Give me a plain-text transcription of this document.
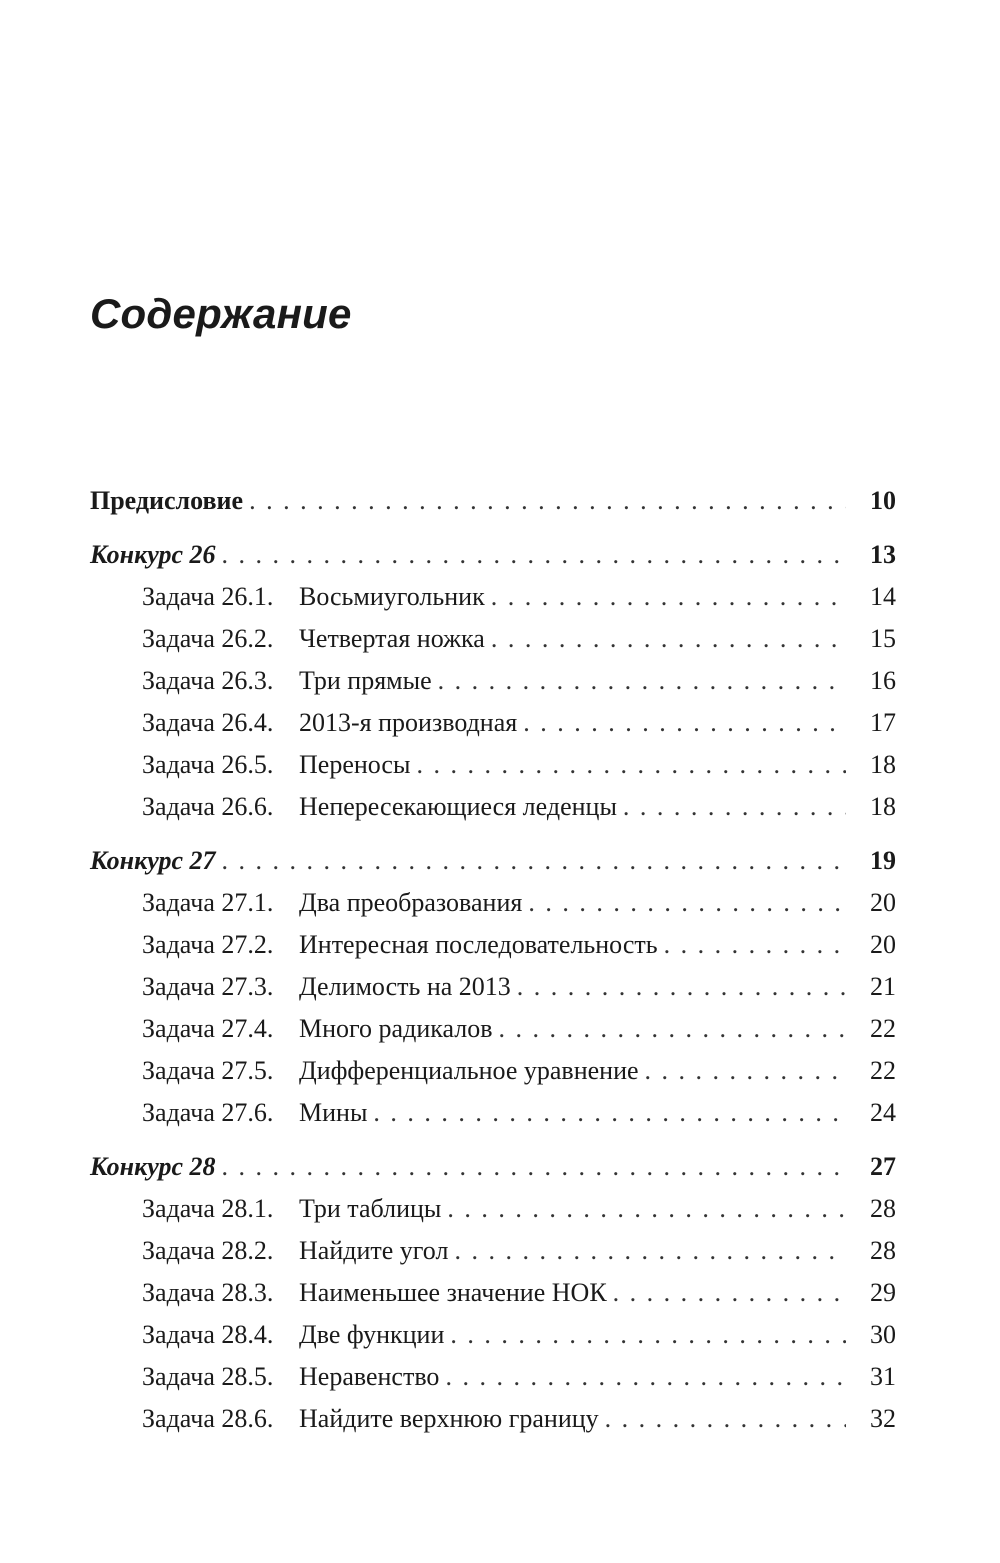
Содержание
Предисловие . . .	10
Конкурс 26 . . .	13
Задача 26.1. Восьмиугольник . . .	14
Задача 26.2. Четвертая ножка . . .	15
Задача 26.3. Три прямые . . .	16
Задача 26.4. 2013-я производная . . .	17
Задача 26.5. Переносы . . .	18
Задача 26.6. Непересекающиеся леденцы . . .	18
Конкурс 27 . . .	19
Задача 27.1. Два преобразования . . .	20
Задача 27.2. Интересная последовательность . . .	20
Задача 27.3. Делимость на 2013 . . .	21
Задача 27.4. Много радикалов . . .	22
Задача 27.5. Дифференциальное уравнение . . .	22
Задача 27.6. Мины . . .	24
Конкурс 28 . . .	27
Задача 28.1. Три таблицы . . .	28
Задача 28.2. Найдите угол . . .	28
Задача 28.3. Наименьшее значение НОК . . .	29
Задача 28.4. Две функции . . .	30
Задача 28.5. Неравенство . . .	31
Задача 28.6. Найдите верхнюю границу . . .	32
